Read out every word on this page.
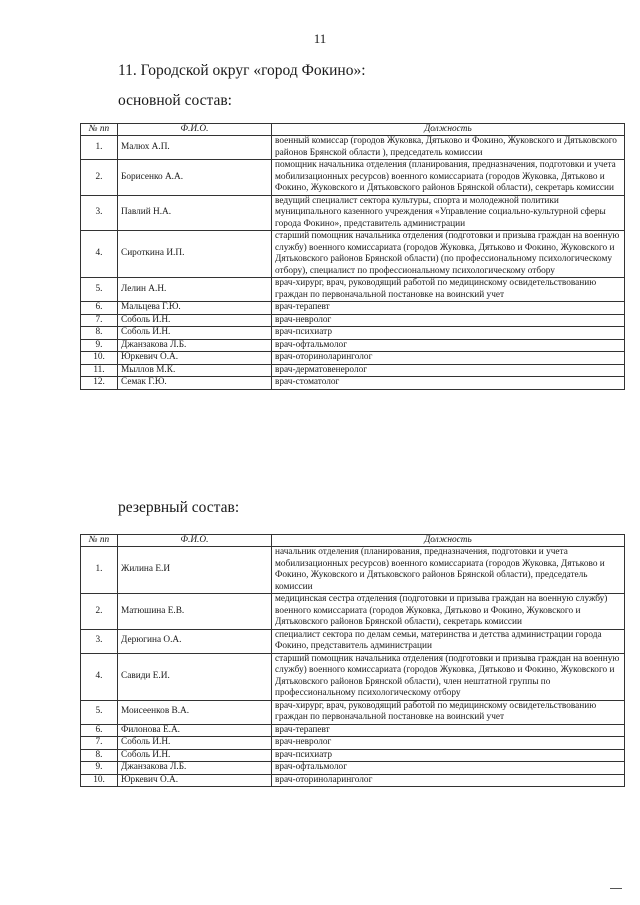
11
11. Городской округ «город Фокино»:
основной состав:
№ пп	Ф.И.О.	Должность
1.	Малюх А.П.	военный комиссар (городов Жуковка, Дятьково и Фокино, Жуковского и Дятьковского районов Брянской области ), председатель комиссии
2.	Борисенко А.А.	помощник начальника отделения (планирования, предназначения, подготовки и учета мобилизационных ресурсов) военного комиссариата (городов Жуковка, Дятьково и Фокино, Жуковского и Дятьковского районов Брянской области), секретарь комиссии
3.	Павлий Н.А.	ведущий специалист сектора культуры, спорта и молодежной политики муниципального казенного учреждения «Управление социально-культурной сферы города Фокино», представитель администрации
4.	Сироткина И.П.	старший помощник начальника отделения (подготовки и призыва граждан на военную службу) военного комиссариата (городов Жуковка, Дятьково и Фокино, Жуковского и Дятьковского районов Брянской области) (по профессиональному психологическому отбору), специалист по профессиональному психологическому отбору
5.	Лелин А.Н.	врач-хирург, врач, руководящий работой по медицинскому освидетельствованию граждан по первоначальной постановке на воинский учет
6.	Мальцева Г.Ю.	врач-терапевт
7.	Соболь И.Н.	врач-невролог
8.	Соболь И.Н.	врач-психиатр
9.	Джанзакова Л.Б.	врач-офтальмолог
10.	Юркевич О.А.	врач-оториноларинголог
11.	Мыллов М.К.	врач-дерматовенеролог
12.	Семак Г.Ю.	врач-стоматолог
резервный состав:
№ пп	Ф.И.О.	Должность
1.	Жилина Е.И	начальник отделения (планирования, предназначения, подготовки и учета мобилизационных ресурсов) военного комиссариата (городов Жуковка, Дятьково и Фокино, Жуковского и Дятьковского районов Брянской области), председатель комиссии
2.	Матюшина Е.В.	медицинская сестра отделения (подготовки и призыва граждан на военную службу) военного комиссариата (городов Жуковка, Дятьково и Фокино, Жуковского и Дятьковского районов Брянской области), секретарь комиссии
3.	Дерюгина О.А.	специалист сектора по делам семьи, материнства и детства администрации города Фокино, представитель администрации
4.	Савиди Е.И.	старший помощник начальника отделения (подготовки и призыва граждан на военную службу) военного комиссариата (городов Жуковка, Дятьково и Фокино, Жуковского и Дятьковского районов Брянской области), член нештатной группы по профессиональному психологическому отбору
5.	Моисеенков В.А.	врач-хирург, врач, руководящий работой по медицинскому освидетельствованию граждан по первоначальной постановке на воинский учет
6.	Филонова Е.А.	врач-терапевт
7.	Соболь И.Н.	врач-невролог
8.	Соболь И.Н.	врач-психиатр
9.	Джанзакова Л.Б.	врач-офтальмолог
10.	Юркевич О.А.	врач-оториноларинголог
